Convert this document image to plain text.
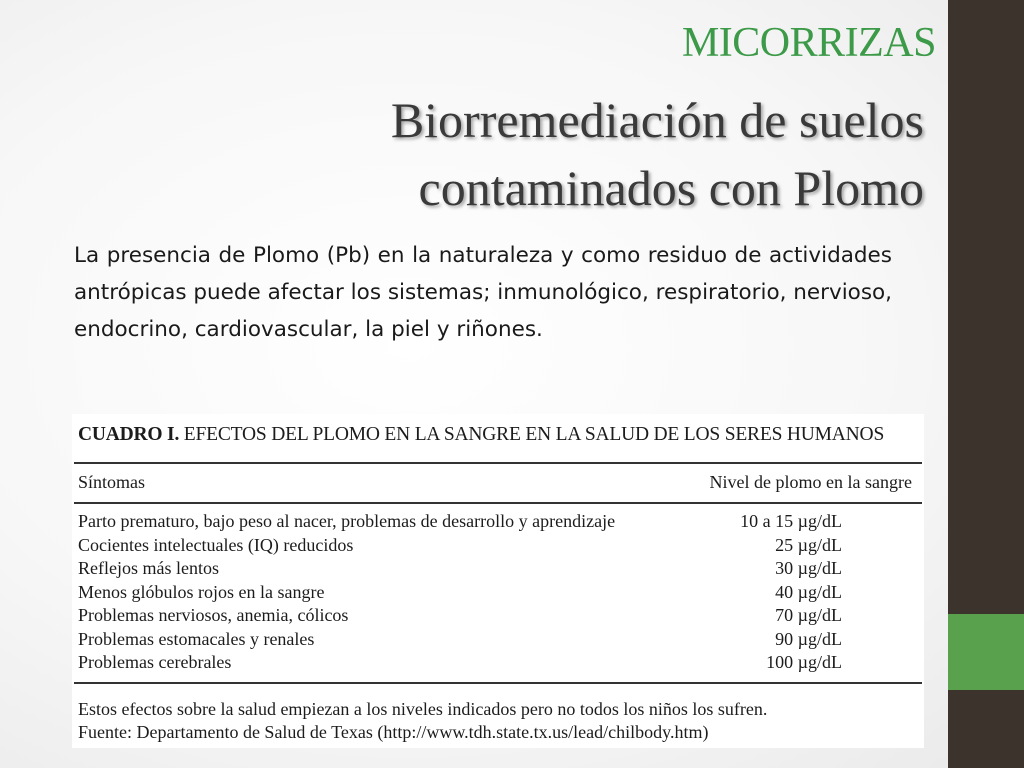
MICORRIZAS
Biorremediación de suelos
contaminados con Plomo
La presencia de Plomo (Pb) en la naturaleza y como residuo de actividades antrópicas puede afectar los sistemas; inmunológico, respiratorio, nervioso, endocrino, cardiovascular, la piel y riñones.
CUADRO I. EFECTOS DEL PLOMO EN LA SANGRE EN LA SALUD DE LOS SERES HUMANOS
Síntomas	Nivel de plomo en la sangre
Parto prematuro, bajo peso al nacer, problemas de desarrollo y aprendizaje	10 a 15 µg/dL
Cocientes intelectuales (IQ) reducidos	25 µg/dL
Reflejos más lentos	30 µg/dL
Menos glóbulos rojos en la sangre	40 µg/dL
Problemas nerviosos, anemia, cólicos	70 µg/dL
Problemas estomacales y renales	90 µg/dL
Problemas cerebrales	100 µg/dL
Estos efectos sobre la salud empiezan a los niveles indicados pero no todos los niños los sufren.
Fuente: Departamento de Salud de Texas (http://www.tdh.state.tx.us/lead/chilbody.htm)
